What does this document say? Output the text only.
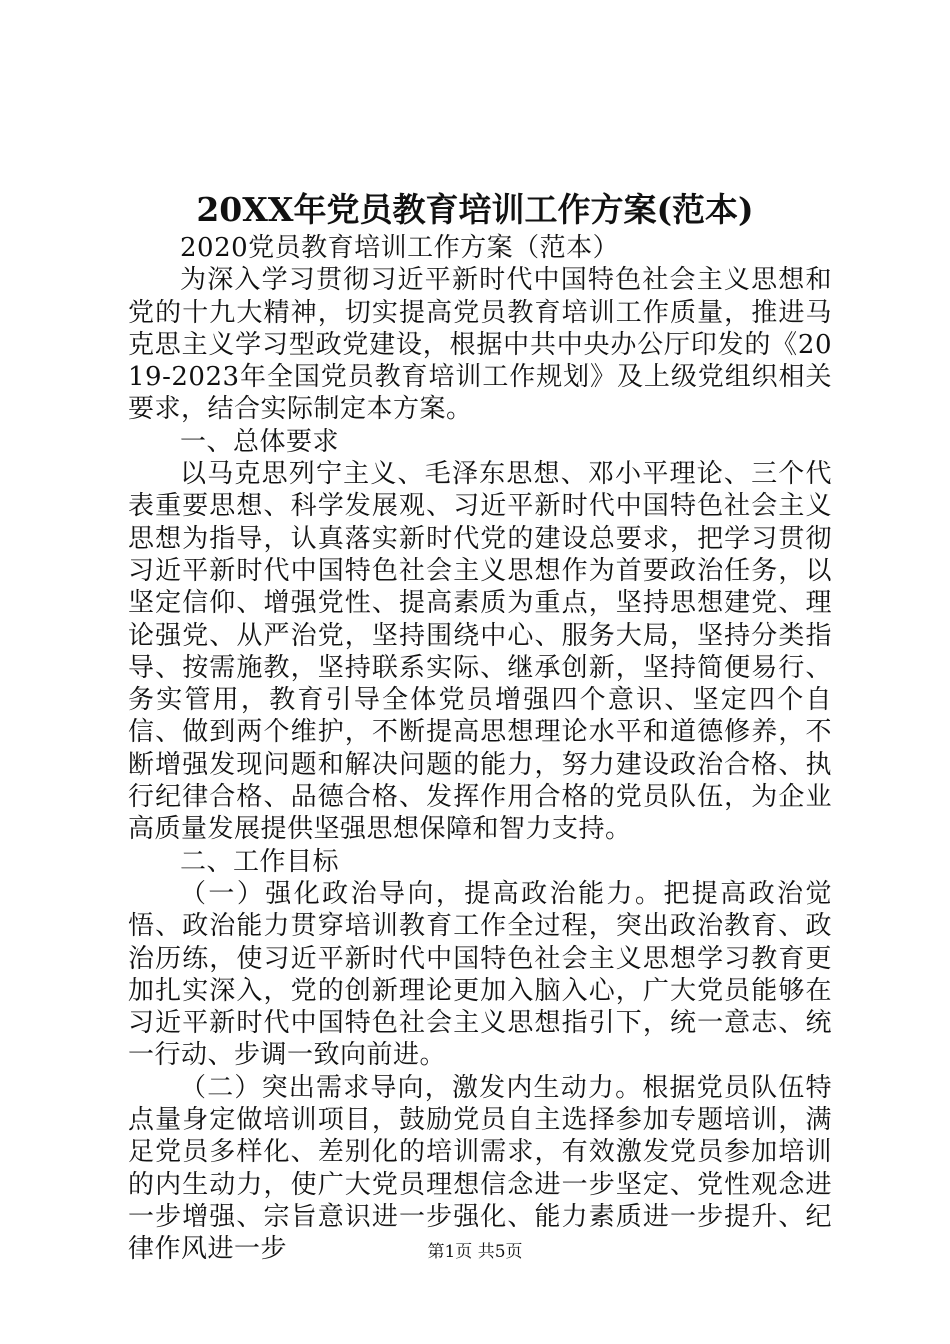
20XX年党员教育培训工作方案(范本)

2020党员教育培训工作方案（范本）

为深入学习贯彻习近平新时代中国特色社会主义思想和党的十九大精神，切实提高党员教育培训工作质量，推进马克思主义学习型政党建设，根据中共中央办公厅印发的《2019-2023年全国党员教育培训工作规划》及上级党组织相关要求，结合实际制定本方案。

一、总体要求

以马克思列宁主义、毛泽东思想、邓小平理论、三个代表重要思想、科学发展观、习近平新时代中国特色社会主义思想为指导，认真落实新时代党的建设总要求，把学习贯彻习近平新时代中国特色社会主义思想作为首要政治任务，以坚定信仰、增强党性、提高素质为重点，坚持思想建党、理论强党、从严治党，坚持围绕中心、服务大局，坚持分类指导、按需施教，坚持联系实际、继承创新，坚持简便易行、务实管用，教育引导全体党员增强四个意识、坚定四个自信、做到两个维护，不断提高思想理论水平和道德修养，不断增强发现问题和解决问题的能力，努力建设政治合格、执行纪律合格、品德合格、发挥作用合格的党员队伍，为企业高质量发展提供坚强思想保障和智力支持。

二、工作目标

（一）强化政治导向，提高政治能力。把提高政治觉悟、政治能力贯穿培训教育工作全过程，突出政治教育、政治历练，使习近平新时代中国特色社会主义思想学习教育更加扎实深入，党的创新理论更加入脑入心，广大党员能够在习近平新时代中国特色社会主义思想指引下，统一意志、统一行动、步调一致向前进。

（二）突出需求导向，激发内生动力。根据党员队伍特点量身定做培训项目，鼓励党员自主选择参加专题培训，满足党员多样化、差别化的培训需求，有效激发党员参加培训的内生动力，使广大党员理想信念进一步坚定、党性观念进一步增强、宗旨意识进一步强化、能力素质进一步提升、纪律作风进一步	第1页 共5页
